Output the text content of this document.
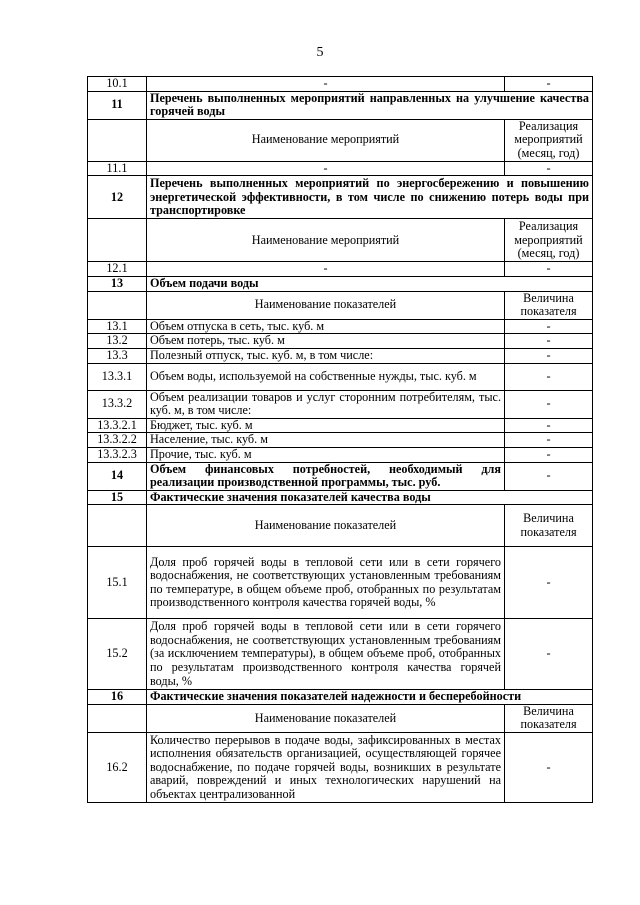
5
10.1	-	-
11	Перечень выполненных мероприятий направленных на улучшение качества горячей воды	
	Наименование мероприятий	Реализация мероприятий (месяц, год)
11.1	-	-
12	Перечень выполненных мероприятий по энергосбережению и повышению энергетической эффективности, в том числе по снижению потерь воды при транспортировке	
	Наименование мероприятий	Реализация мероприятий (месяц, год)
12.1	-	-
13	Объем подачи воды	
	Наименование показателей	Величина показателя
13.1	Объем отпуска в сеть, тыс. куб. м	-
13.2	Объем потерь, тыс. куб. м	-
13.3	Полезный отпуск, тыс. куб. м, в том числе:	-
13.3.1	Объем воды, используемой на собственные нужды, тыс. куб. м	-
13.3.2	Объем реализации товаров и услуг сторонним потребителям, тыс. куб. м, в том числе:	-
13.3.2.1	Бюджет, тыс. куб. м	-
13.3.2.2	Население, тыс. куб. м	-
13.3.2.3	Прочие, тыс. куб. м	-
14	Объем финансовых потребностей, необходимый для реализации производственной программы, тыс. руб.	-
15	Фактические значения показателей качества воды	
	Наименование показателей	Величина показателя
15.1	Доля проб горячей воды в тепловой сети или в сети горячего водоснабжения, не соответствующих установленным требованиям по температуре, в общем объеме проб, отобранных по результатам производственного контроля качества горячей воды, %	-
15.2	Доля проб горячей воды в тепловой сети или в сети горячего водоснабжения, не соответствующих установленным требованиям (за исключением температуры), в общем объеме проб, отобранных по результатам производственного контроля качества горячей воды, %	-
16	Фактические значения показателей надежности и бесперебойности	
	Наименование показателей	Величина показателя
16.2	Количество перерывов в подаче воды, зафиксированных в местах исполнения обязательств организацией, осуществляющей горячее водоснабжение, по подаче горячей воды, возникших в результате аварий, повреждений и иных технологических нарушений на объектах централизованной	-
